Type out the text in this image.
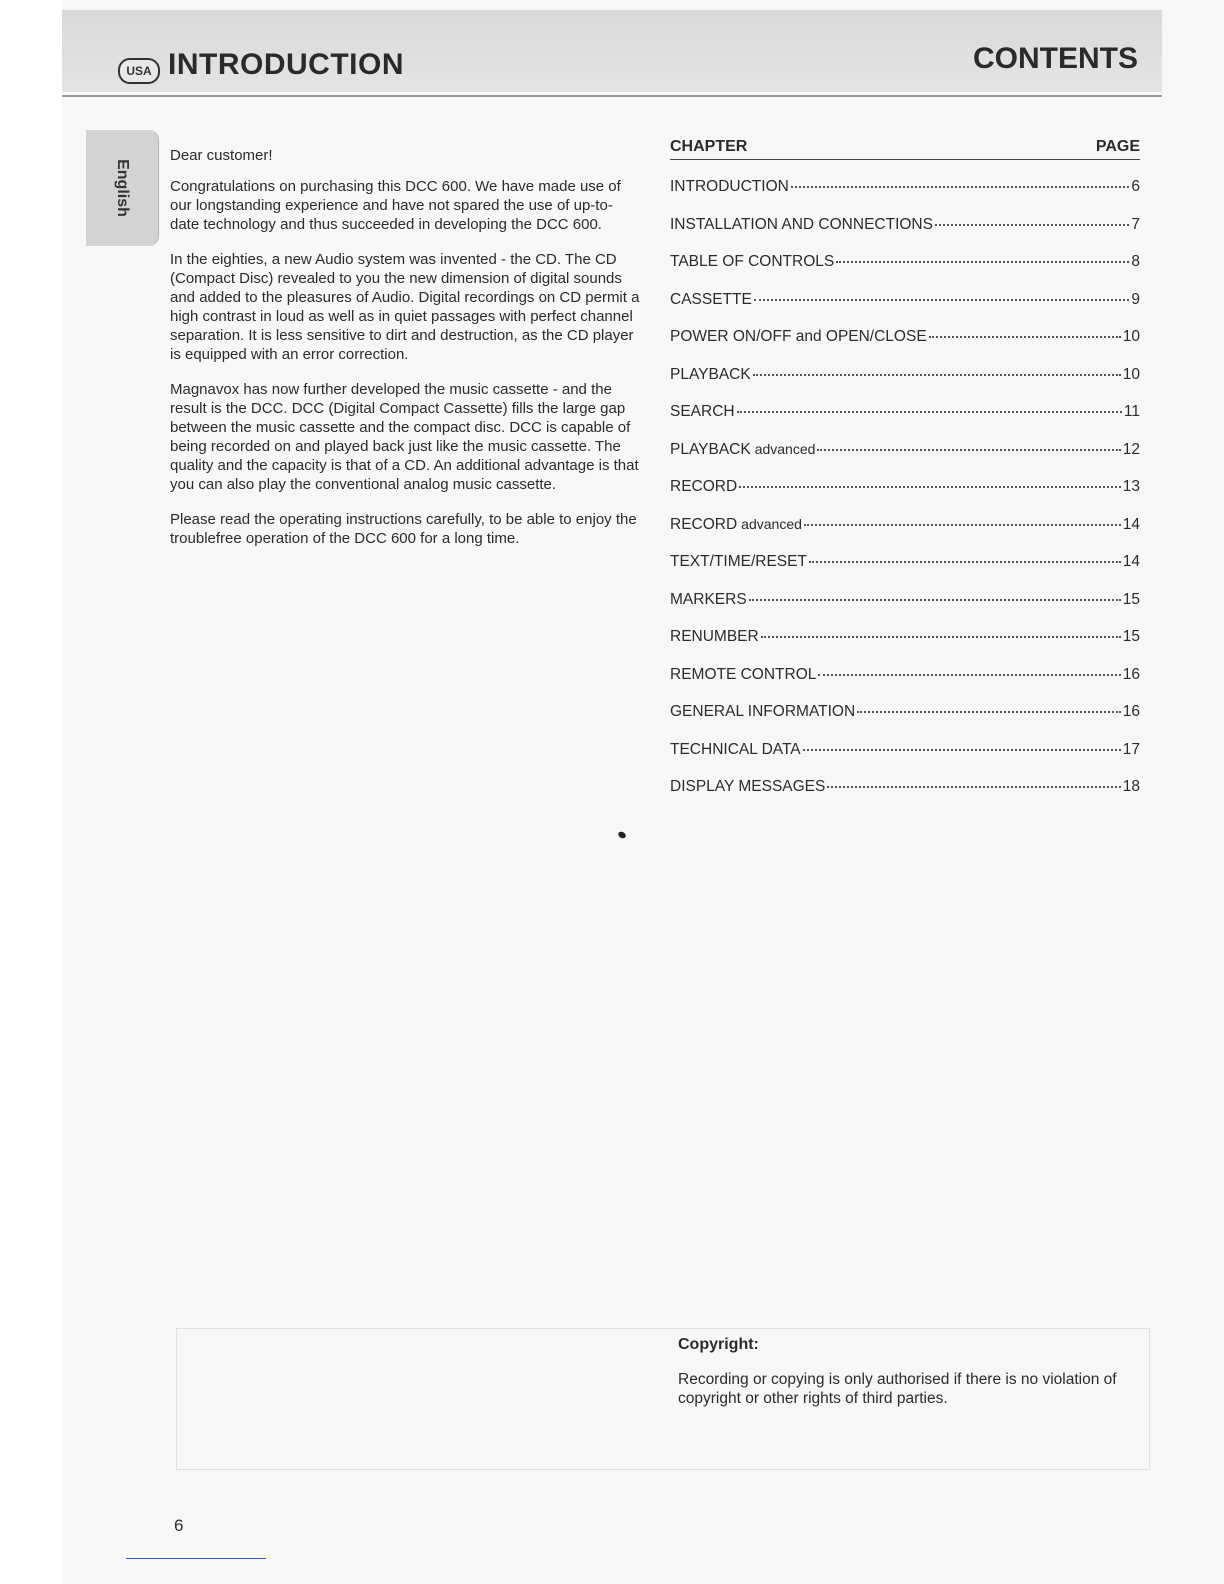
USA INTRODUCTION	CONTENTS
English

Dear customer!

Congratulations on purchasing this DCC 600. We have made use of our longstanding experience and have not spared the use of up-to-date technology and thus succeeded in developing the DCC 600.

In the eighties, a new Audio system was invented - the CD. The CD (Compact Disc) revealed to you the new dimension of digital sounds and added to the pleasures of Audio. Digital recordings on CD permit a high contrast in loud as well as in quiet passages with perfect channel separation. It is less sensitive to dirt and destruction, as the CD player is equipped with an error correction.

Magnavox has now further developed the music cassette - and the result is the DCC. DCC (Digital Compact Cassette) fills the large gap between the music cassette and the compact disc. DCC is capable of being recorded on and played back just like the music cassette. The quality and the capacity is that of a CD. An additional advantage is that you can also play the conventional analog music cassette.

Please read the operating instructions carefully, to be able to enjoy the troublefree operation of the DCC 600 for a long time.

CHAPTER	PAGE
INTRODUCTION	6
INSTALLATION AND CONNECTIONS	7
TABLE OF CONTROLS	8
CASSETTE	9
POWER ON/OFF and OPEN/CLOSE	10
PLAYBACK	10
SEARCH	11
PLAYBACK advanced	12
RECORD	13
RECORD advanced	14
TEXT/TIME/RESET	14
MARKERS	15
RENUMBER	15
REMOTE CONTROL	16
GENERAL INFORMATION	16
TECHNICAL DATA	17
DISPLAY MESSAGES	18
Copyright:
Recording or copying is only authorised if there is no violation of copyright or other rights of third parties.
6
